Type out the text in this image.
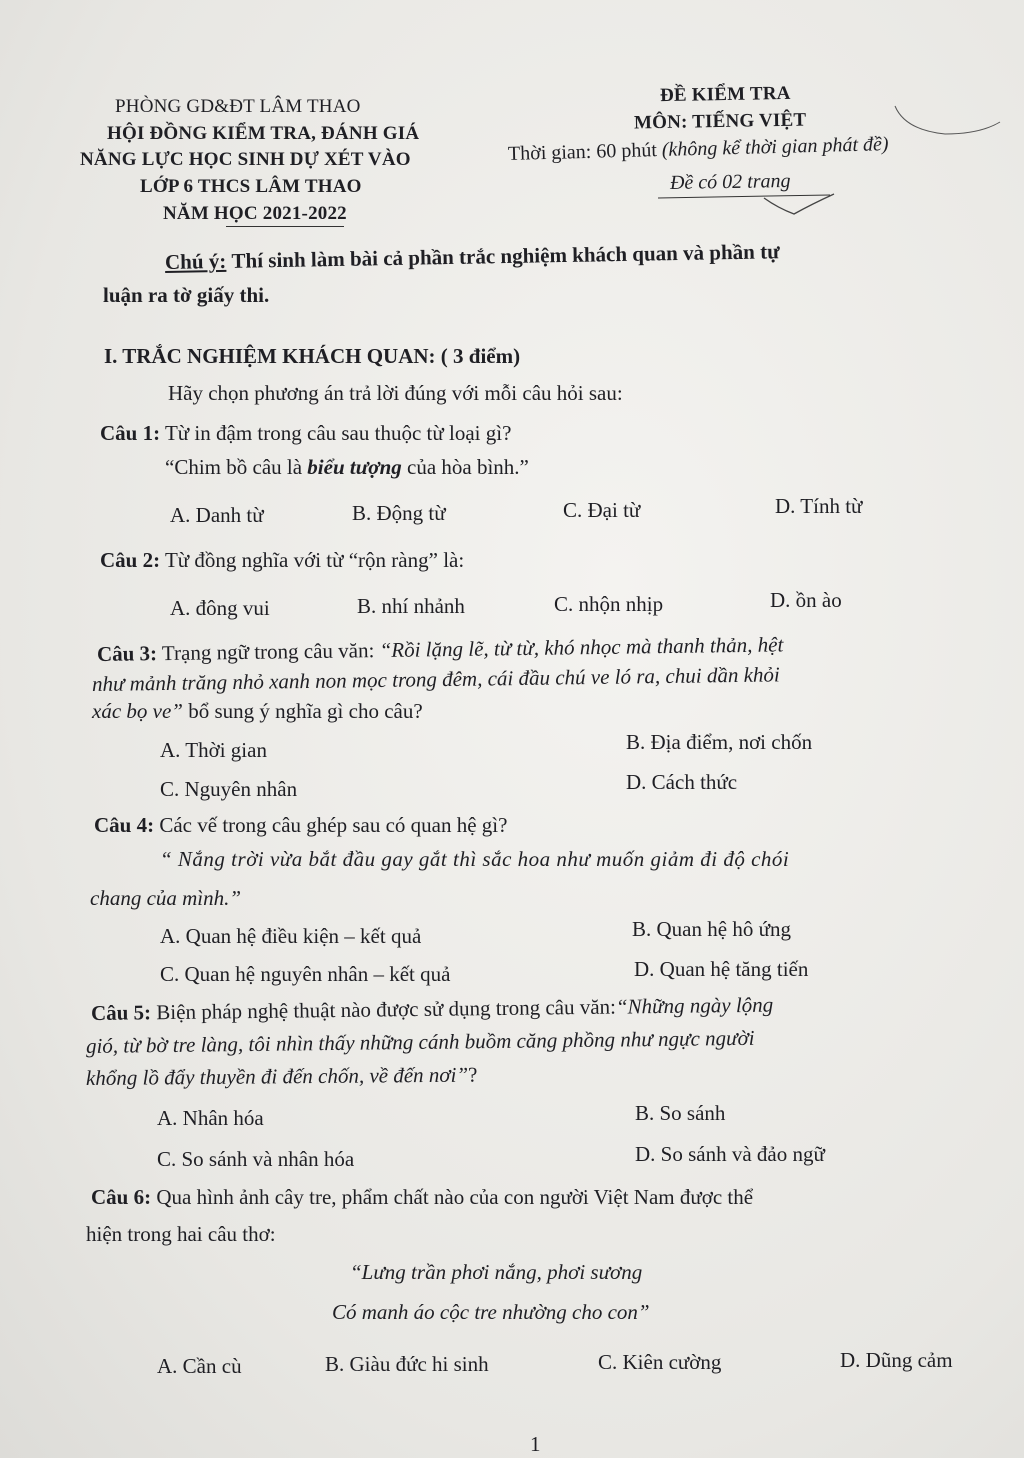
PHÒNG GD&ĐT LÂM THAO
HỘI ĐỒNG KIỂM TRA, ĐÁNH GIÁ
NĂNG LỰC HỌC SINH DỰ XÉT VÀO
LỚP 6 THCS LÂM THAO
NĂM HỌC 2021-2022
ĐỀ KIỂM TRA
MÔN: TIẾNG VIỆT
Thời gian: 60 phút (không kể thời gian phát đề)
Đề có 02 trang
Chú ý: Thí sinh làm bài cả phần trắc nghiệm khách quan và phần tự
luận ra tờ giấy thi.
I. TRẮC NGHIỆM KHÁCH QUAN: ( 3 điểm)
Hãy chọn phương án trả lời đúng với mỗi câu hỏi sau:
Câu 1: Từ in đậm trong câu sau thuộc từ loại gì?
“Chim bồ câu là biểu tượng của hòa bình.”
A. Danh từ	B. Động từ	C. Đại từ	D. Tính từ
Câu 2: Từ đồng nghĩa với từ “rộn ràng” là:
A. đông vui	B. nhí nhảnh	C. nhộn nhịp	D. ồn ào
Câu 3: Trạng ngữ trong câu văn: “Rồi lặng lẽ, từ từ, khó nhọc mà thanh thản, hệt
như mảnh trăng nhỏ xanh non mọc trong đêm, cái đầu chú ve ló ra, chui dần khỏi
xác bọ ve” bổ sung ý nghĩa gì cho câu?
A. Thời gian	B. Địa điểm, nơi chốn
C. Nguyên nhân	D. Cách thức
Câu 4: Các vế trong câu ghép sau có quan hệ gì?
“ Nắng trời vừa bắt đầu gay gắt thì sắc hoa như muốn giảm đi độ chói
chang của mình.”
A. Quan hệ điều kiện – kết quả	B. Quan hệ hô ứng
C. Quan hệ nguyên nhân – kết quả	D. Quan hệ tăng tiến
Câu 5: Biện pháp nghệ thuật nào được sử dụng trong câu văn:“Những ngày lộng
gió, từ bờ tre làng, tôi nhìn thấy những cánh buồm căng phồng như ngực người
khổng lồ đẩy thuyền đi đến chốn, về đến nơi”?
A. Nhân hóa	B. So sánh
C. So sánh và nhân hóa	D. So sánh và đảo ngữ
Câu 6: Qua hình ảnh cây tre, phẩm chất nào của con người Việt Nam được thể
hiện trong hai câu thơ:
“Lưng trần phơi nắng, phơi sương
Có manh áo cộc tre nhường cho con”
A. Cần cù	B. Giàu đức hi sinh	C. Kiên cường	D. Dũng cảm
1
